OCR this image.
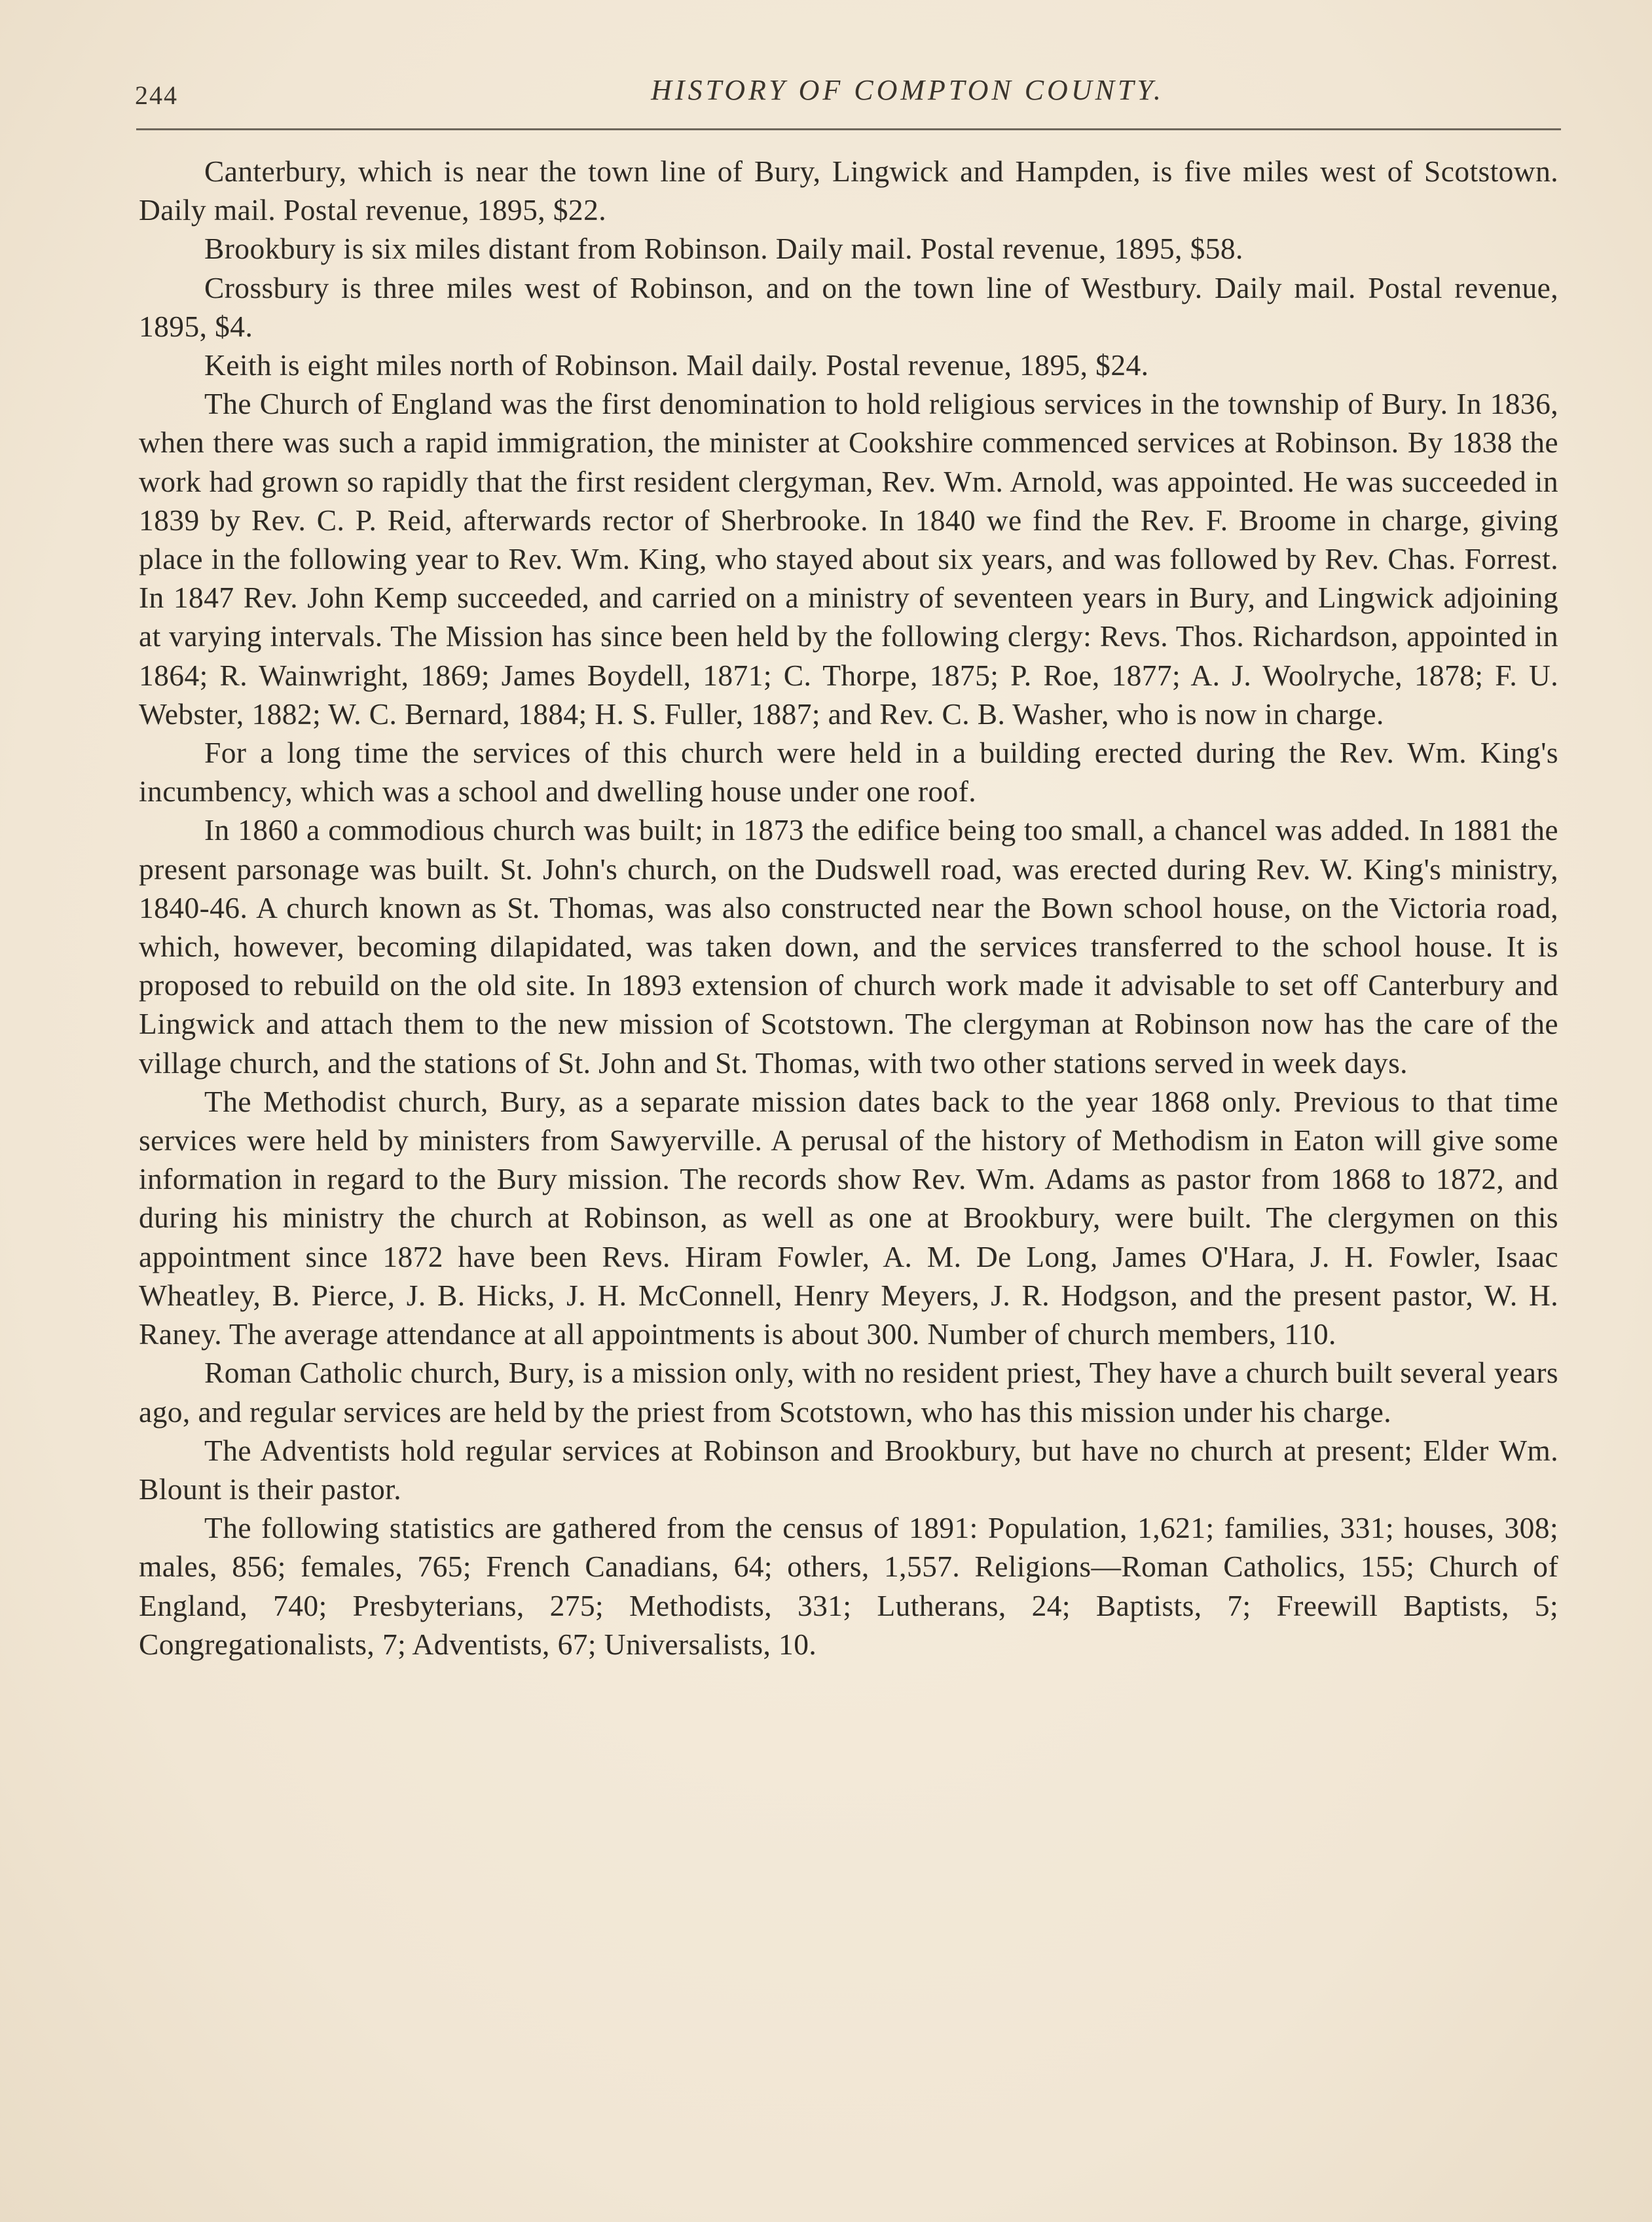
244	HISTORY OF COMPTON COUNTY.

Canterbury, which is near the town line of Bury, Lingwick and Hampden, is five miles west of Scotstown. Daily mail. Postal revenue, 1895, $22.

Brookbury is six miles distant from Robinson. Daily mail. Postal revenue, 1895, $58.

Crossbury is three miles west of Robinson, and on the town line of Westbury. Daily mail. Postal revenue, 1895, $4.

Keith is eight miles north of Robinson. Mail daily. Postal revenue, 1895, $24.

The Church of England was the first denomination to hold religious services in the township of Bury. In 1836, when there was such a rapid immigration, the minister at Cookshire commenced services at Robinson. By 1838 the work had grown so rapidly that the first resident clergyman, Rev. Wm. Arnold, was appointed. He was succeeded in 1839 by Rev. C. P. Reid, afterwards rector of Sherbrooke. In 1840 we find the Rev. F. Broome in charge, giving place in the following year to Rev. Wm. King, who stayed about six years, and was followed by Rev. Chas. Forrest. In 1847 Rev. John Kemp succeeded, and carried on a ministry of seventeen years in Bury, and Lingwick adjoining at varying intervals. The Mission has since been held by the following clergy: Revs. Thos. Richardson, appointed in 1864; R. Wainwright, 1869; James Boydell, 1871; C. Thorpe, 1875; P. Roe, 1877; A. J. Woolryche, 1878; F. U. Webster, 1882; W. C. Bernard, 1884; H. S. Fuller, 1887; and Rev. C. B. Washer, who is now in charge.

For a long time the services of this church were held in a building erected during the Rev. Wm. King's incumbency, which was a school and dwelling house under one roof.

In 1860 a commodious church was built; in 1873 the edifice being too small, a chancel was added. In 1881 the present parsonage was built. St. John's church, on the Dudswell road, was erected during Rev. W. King's ministry, 1840-46. A church known as St. Thomas, was also constructed near the Bown school house, on the Victoria road, which, however, becoming dilapidated, was taken down, and the services transferred to the school house. It is proposed to rebuild on the old site. In 1893 extension of church work made it advisable to set off Canterbury and Lingwick and attach them to the new mission of Scotstown. The clergyman at Robinson now has the care of the village church, and the stations of St. John and St. Thomas, with two other stations served in week days.

The Methodist church, Bury, as a separate mission dates back to the year 1868 only. Previous to that time services were held by ministers from Sawyerville. A perusal of the history of Methodism in Eaton will give some information in regard to the Bury mission. The records show Rev. Wm. Adams as pastor from 1868 to 1872, and during his ministry the church at Robinson, as well as one at Brookbury, were built. The clergymen on this appointment since 1872 have been Revs. Hiram Fowler, A. M. De Long, James O'Hara, J. H. Fowler, Isaac Wheatley, B. Pierce, J. B. Hicks, J. H. McConnell, Henry Meyers, J. R. Hodgson, and the present pastor, W. H. Raney. The average attendance at all appointments is about 300. Number of church members, 110.

Roman Catholic church, Bury, is a mission only, with no resident priest, They have a church built several years ago, and regular services are held by the priest from Scotstown, who has this mission under his charge.

The Adventists hold regular services at Robinson and Brookbury, but have no church at present; Elder Wm. Blount is their pastor.

The following statistics are gathered from the census of 1891: Population, 1,621; families, 331; houses, 308; males, 856; females, 765; French Canadians, 64; others, 1,557. Religions—Roman Catholics, 155; Church of England, 740; Presbyterians, 275; Methodists, 331; Lutherans, 24; Baptists, 7; Freewill Baptists, 5; Congregationalists, 7; Adventists, 67; Universalists, 10.
